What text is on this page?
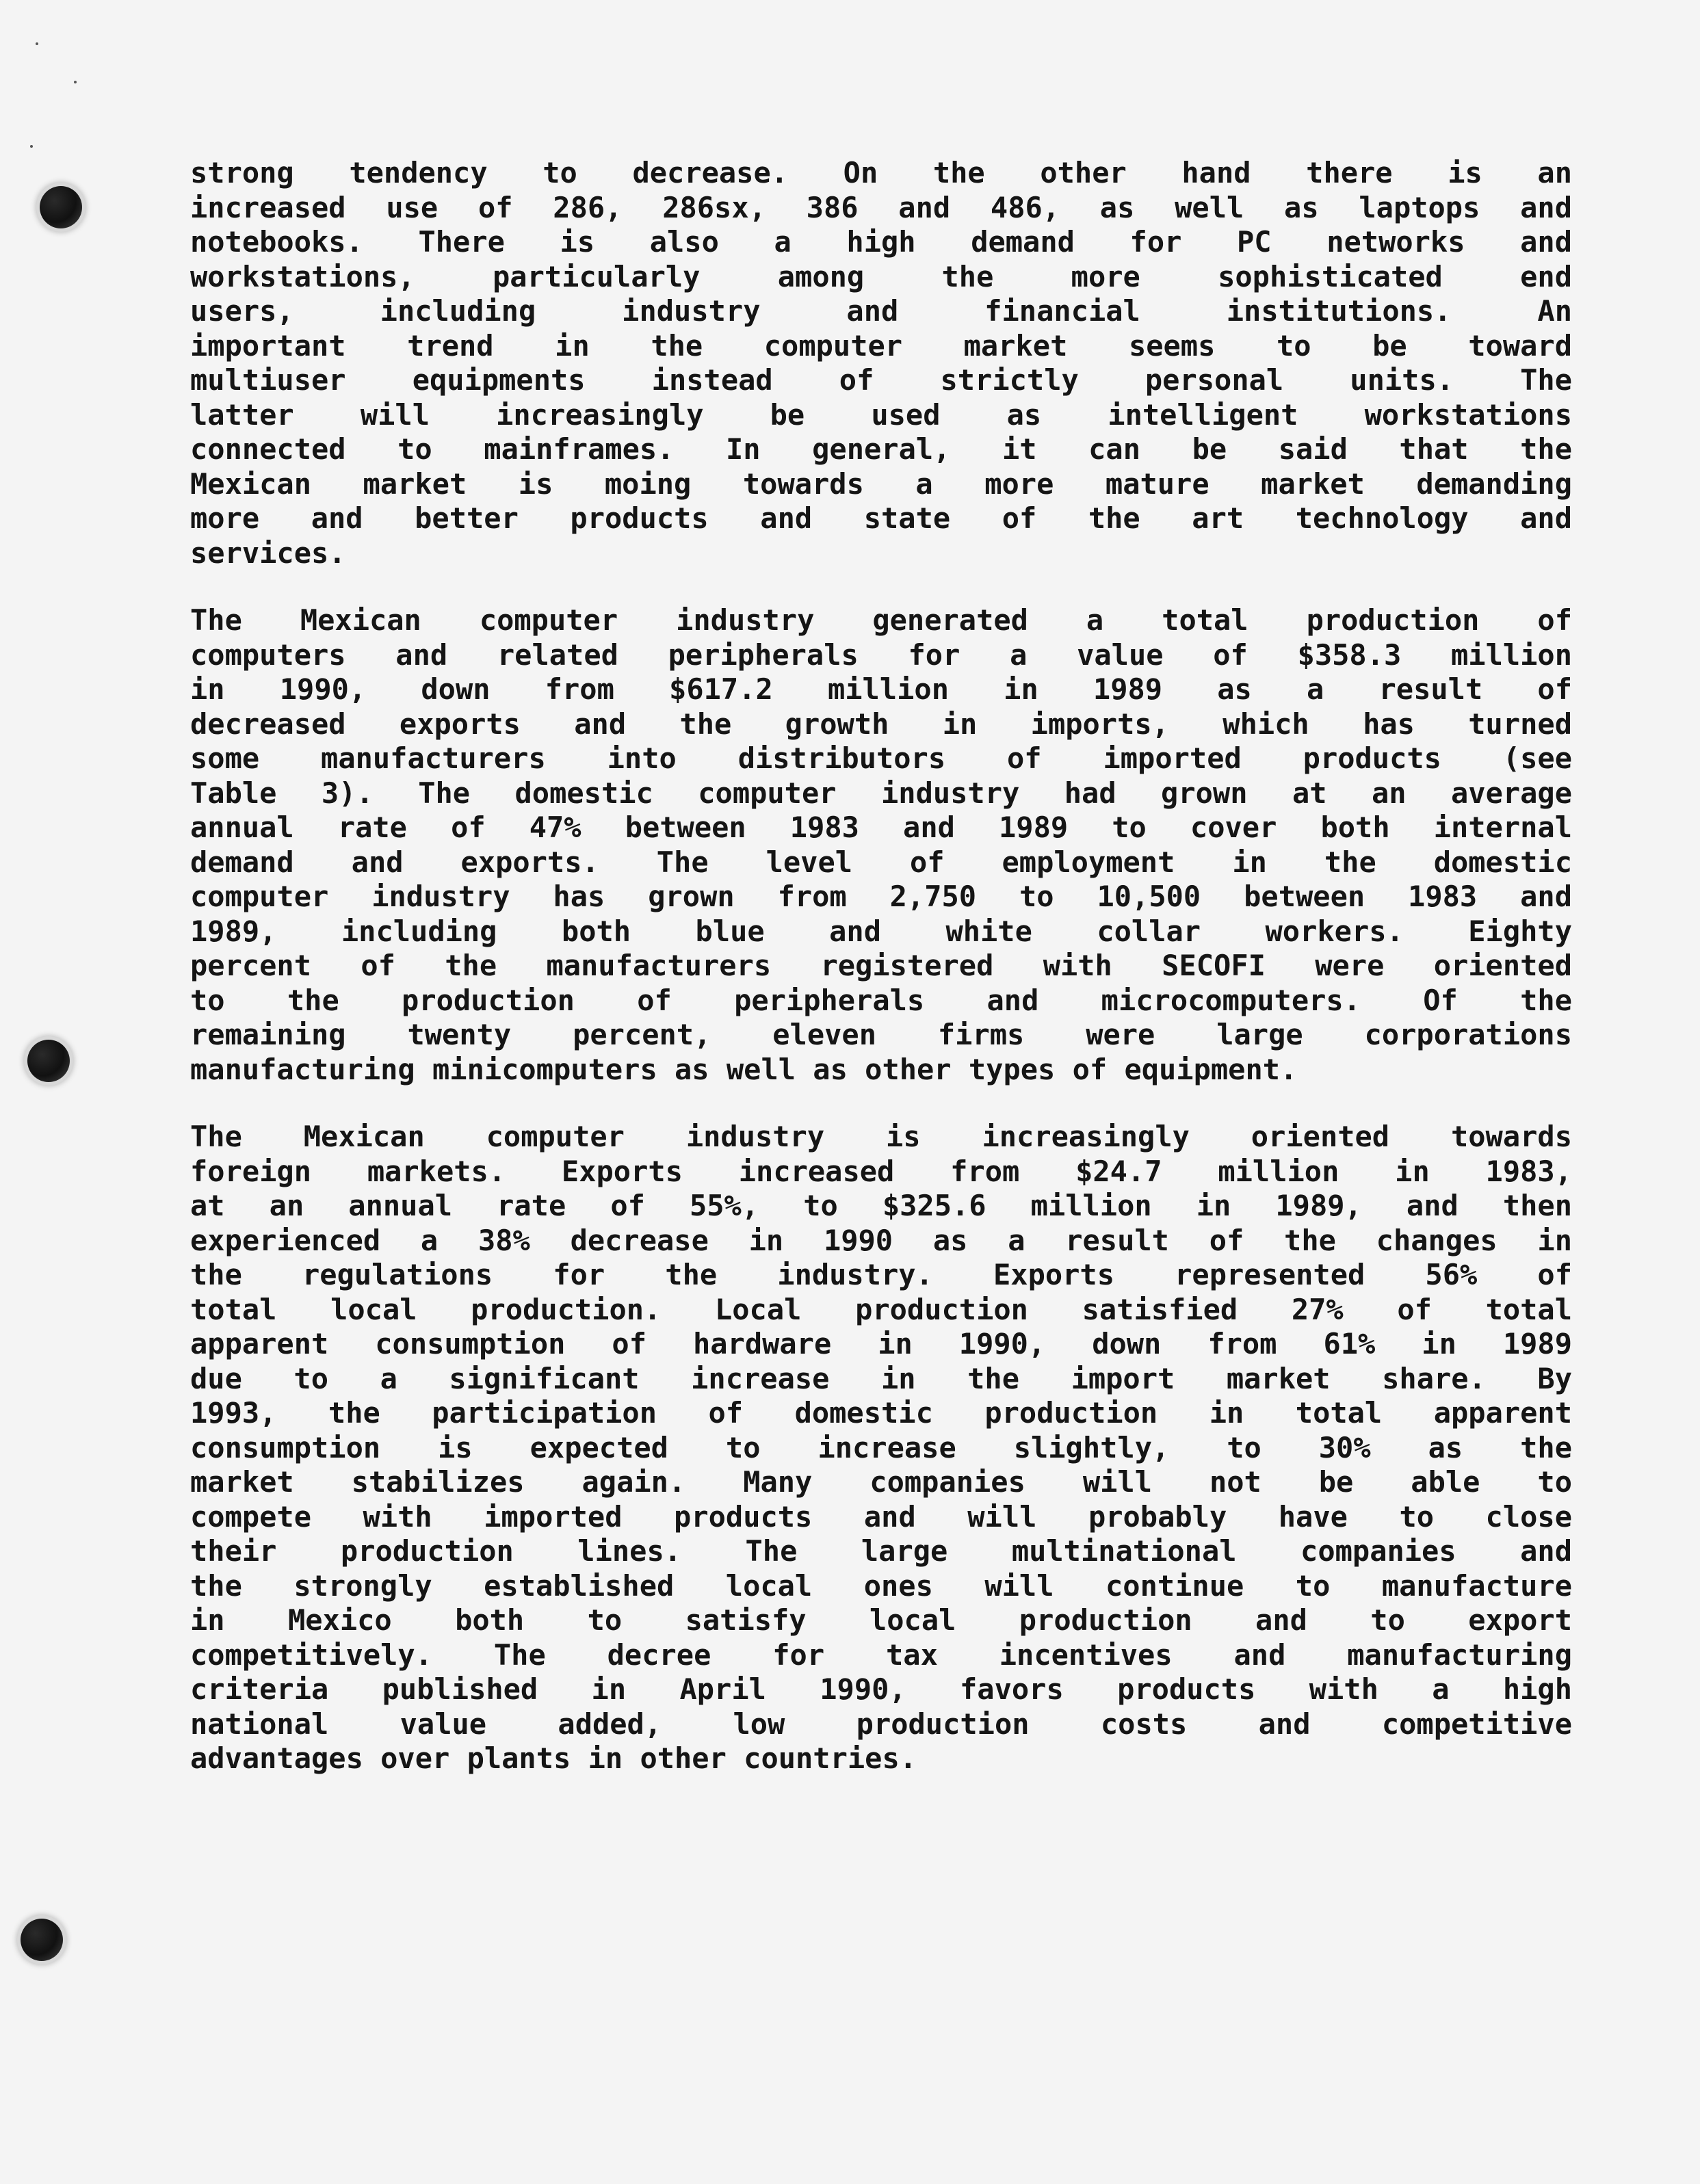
strong tendency to decrease. On the other hand there is an
increased use of 286, 286sx, 386 and 486, as well as laptops and
notebooks. There is also a high demand for PC networks and
workstations, particularly among the more sophisticated end
users, including industry and financial institutions. An
important trend in the computer market seems to be toward
multiuser equipments instead of strictly personal units. The
latter will increasingly be used as intelligent workstations
connected to mainframes. In general, it can be said that the
Mexican market is moing towards a more mature market demanding
more and better products and state of the art technology and
services.
The Mexican computer industry generated a total production of
computers and related peripherals for a value of $358.3 million
in 1990, down from $617.2 million in 1989 as a result of
decreased exports and the growth in imports, which has turned
some manufacturers into distributors of imported products (see
Table 3). The domestic computer industry had grown at an average
annual rate of 47% between 1983 and 1989 to cover both internal
demand and exports. The level of employment in the domestic
computer industry has grown from 2,750 to 10,500 between 1983 and
1989, including both blue and white collar workers. Eighty
percent of the manufacturers registered with SECOFI were oriented
to the production of peripherals and microcomputers. Of the
remaining twenty percent, eleven firms were large corporations
manufacturing minicomputers as well as other types of equipment.
The Mexican computer industry is increasingly oriented towards
foreign markets. Exports increased from $24.7 million in 1983,
at an annual rate of 55%, to $325.6 million in 1989, and then
experienced a 38% decrease in 1990 as a result of the changes in
the regulations for the industry. Exports represented 56% of
total local production. Local production satisfied 27% of total
apparent consumption of hardware in 1990, down from 61% in 1989
due to a significant increase in the import market share. By
1993, the participation of domestic production in total apparent
consumption is expected to increase slightly, to 30% as the
market stabilizes again. Many companies will not be able to
compete with imported products and will probably have to close
their production lines. The large multinational companies and
the strongly established local ones will continue to manufacture
in Mexico both to satisfy local production and to export
competitively. The decree for tax incentives and manufacturing
criteria published in April 1990, favors products with a high
national value added, low production costs and competitive
advantages over plants in other countries.
